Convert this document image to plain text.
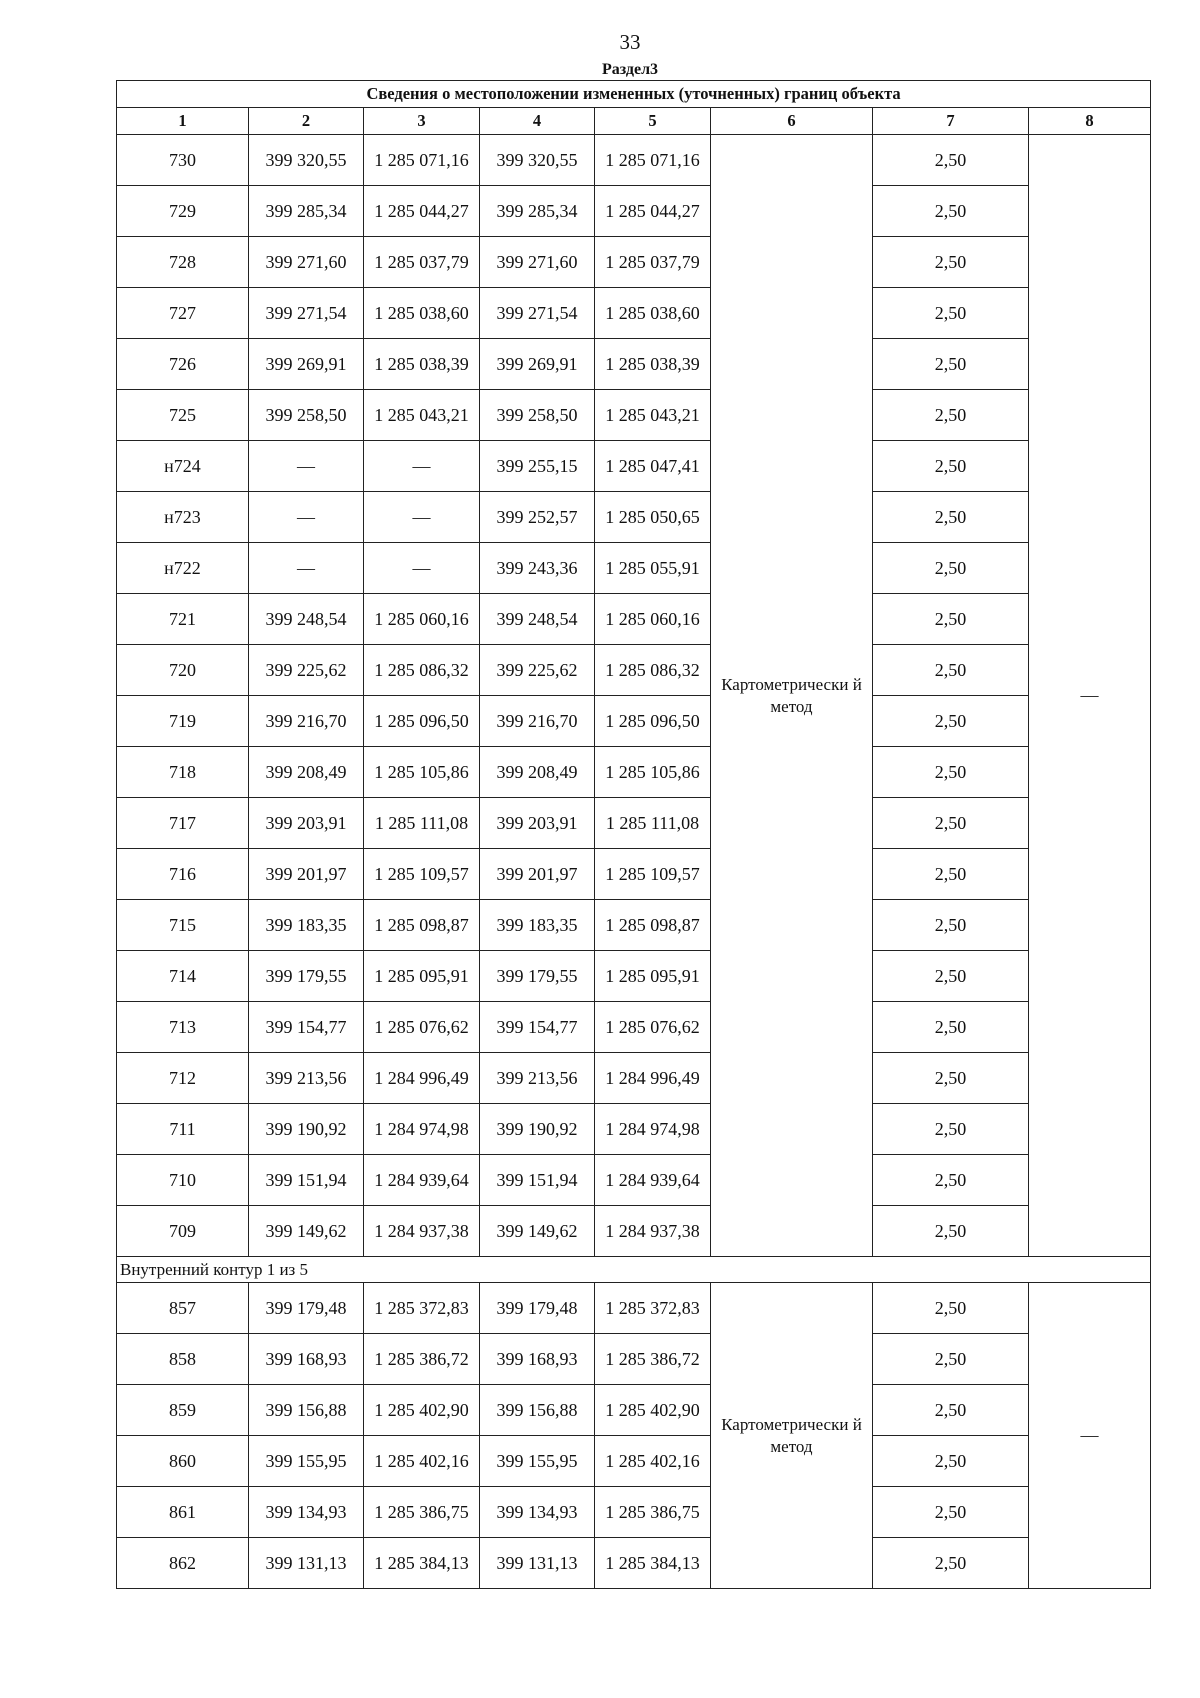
33
Раздел3
Сведения о местоположении измененных (уточненных) границ объекта							
1	2	3	4	5	6	7	8
730	399 320,55	1 285 071,16	399 320,55	1 285 071,16	Картометрически й метод	2,50	—
729	399 285,34	1 285 044,27	399 285,34	1 285 044,27		2,50	
728	399 271,60	1 285 037,79	399 271,60	1 285 037,79		2,50	
727	399 271,54	1 285 038,60	399 271,54	1 285 038,60		2,50	
726	399 269,91	1 285 038,39	399 269,91	1 285 038,39		2,50	
725	399 258,50	1 285 043,21	399 258,50	1 285 043,21		2,50	
н724	—	—	399 255,15	1 285 047,41		2,50	
н723	—	—	399 252,57	1 285 050,65		2,50	
н722	—	—	399 243,36	1 285 055,91		2,50	
721	399 248,54	1 285 060,16	399 248,54	1 285 060,16		2,50	
720	399 225,62	1 285 086,32	399 225,62	1 285 086,32		2,50	
719	399 216,70	1 285 096,50	399 216,70	1 285 096,50		2,50	
718	399 208,49	1 285 105,86	399 208,49	1 285 105,86		2,50	
717	399 203,91	1 285 111,08	399 203,91	1 285 111,08		2,50	
716	399 201,97	1 285 109,57	399 201,97	1 285 109,57		2,50	
715	399 183,35	1 285 098,87	399 183,35	1 285 098,87		2,50	
714	399 179,55	1 285 095,91	399 179,55	1 285 095,91		2,50	
713	399 154,77	1 285 076,62	399 154,77	1 285 076,62		2,50	
712	399 213,56	1 284 996,49	399 213,56	1 284 996,49		2,50	
711	399 190,92	1 284 974,98	399 190,92	1 284 974,98		2,50	
710	399 151,94	1 284 939,64	399 151,94	1 284 939,64		2,50	
709	399 149,62	1 284 937,38	399 149,62	1 284 937,38		2,50	
Внутренний контур 1 из 5							
857	399 179,48	1 285 372,83	399 179,48	1 285 372,83	Картометрически й метод	2,50	—
858	399 168,93	1 285 386,72	399 168,93	1 285 386,72		2,50	
859	399 156,88	1 285 402,90	399 156,88	1 285 402,90		2,50	
860	399 155,95	1 285 402,16	399 155,95	1 285 402,16		2,50	
861	399 134,93	1 285 386,75	399 134,93	1 285 386,75		2,50	
862	399 131,13	1 285 384,13	399 131,13	1 285 384,13		2,50	
